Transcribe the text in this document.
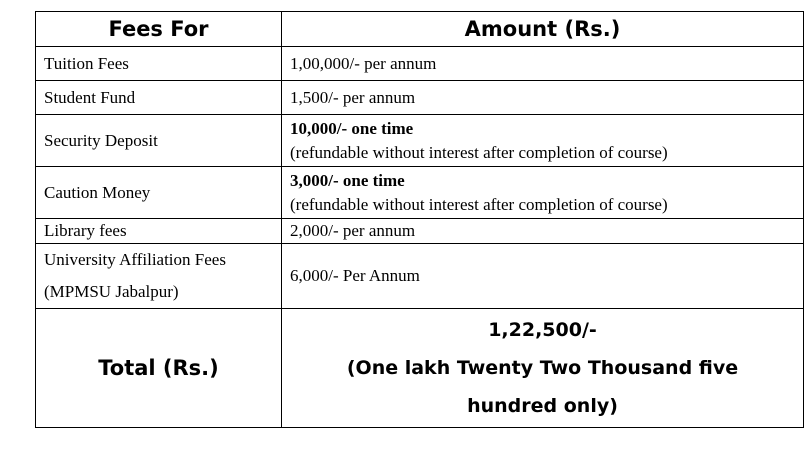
Fees For	Amount (Rs.)
Tuition Fees	1,00,000/- per annum
Student Fund	1,500/- per annum
Security Deposit	10,000/- one time
(refundable without interest after completion of course)

Caution Money	3,000/- one time
(refundable without interest after completion of course)

Library fees	2,000/- per annum

University Affiliation Fees
(MPMSU Jabalpur)	6,000/- Per Annum
Total (Rs.)	1,22,500/-
(One lakh Twenty Two Thousand five
hundred only)
